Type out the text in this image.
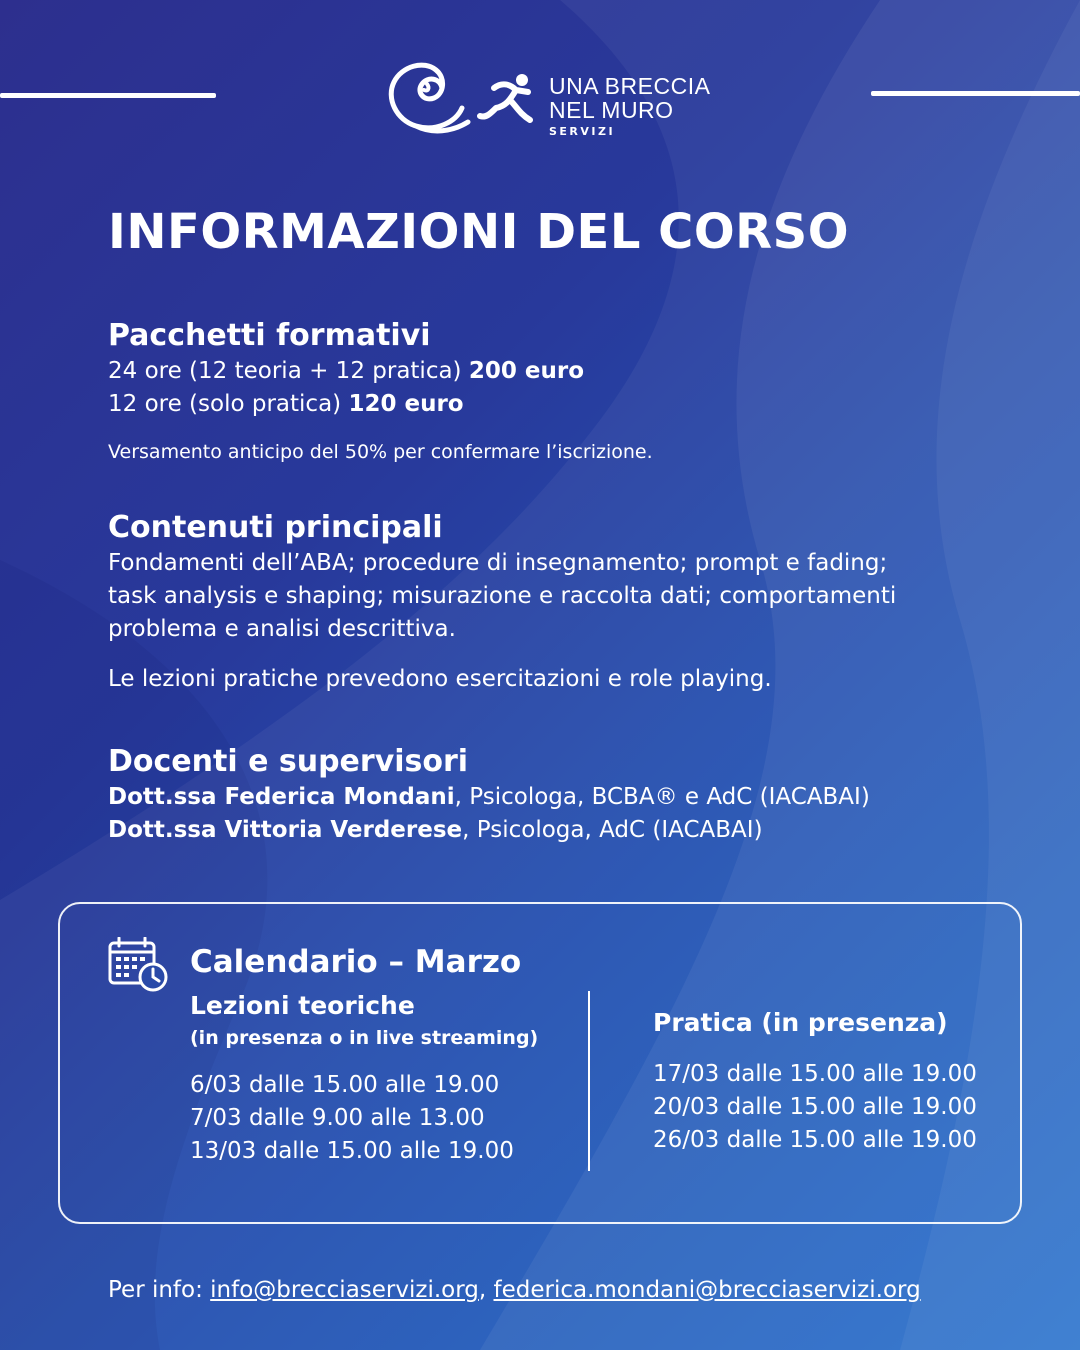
UNA BRECCIA
NEL MURO
SERVIZI
INFORMAZIONI DEL CORSO
Pacchetti formativi
24 ore (12 teoria + 12 pratica) 200 euro
12 ore (solo pratica) 120 euro
Versamento anticipo del 50% per confermare l’iscrizione.
Contenuti principali
Fondamenti dell’ABA; procedure di insegnamento; prompt e fading;
task analysis e shaping; misurazione e raccolta dati; comportamenti
problema e analisi descrittiva.
Le lezioni pratiche prevedono esercitazioni e role playing.
Docenti e supervisori
Dott.ssa Federica Mondani, Psicologa, BCBA® e AdC (IACABAI)
Dott.ssa Vittoria Verderese, Psicologa, AdC (IACABAI)
Calendario – Marzo
Lezioni teoriche
(in presenza o in live streaming)
6/03 dalle 15.00 alle 19.00
7/03 dalle 9.00 alle 13.00
13/03 dalle 15.00 alle 19.00
Pratica (in presenza)
17/03 dalle 15.00 alle 19.00
20/03 dalle 15.00 alle 19.00
26/03 dalle 15.00 alle 19.00
Per info: info@brecciaservizi.org, federica.mondani@brecciaservizi.org
